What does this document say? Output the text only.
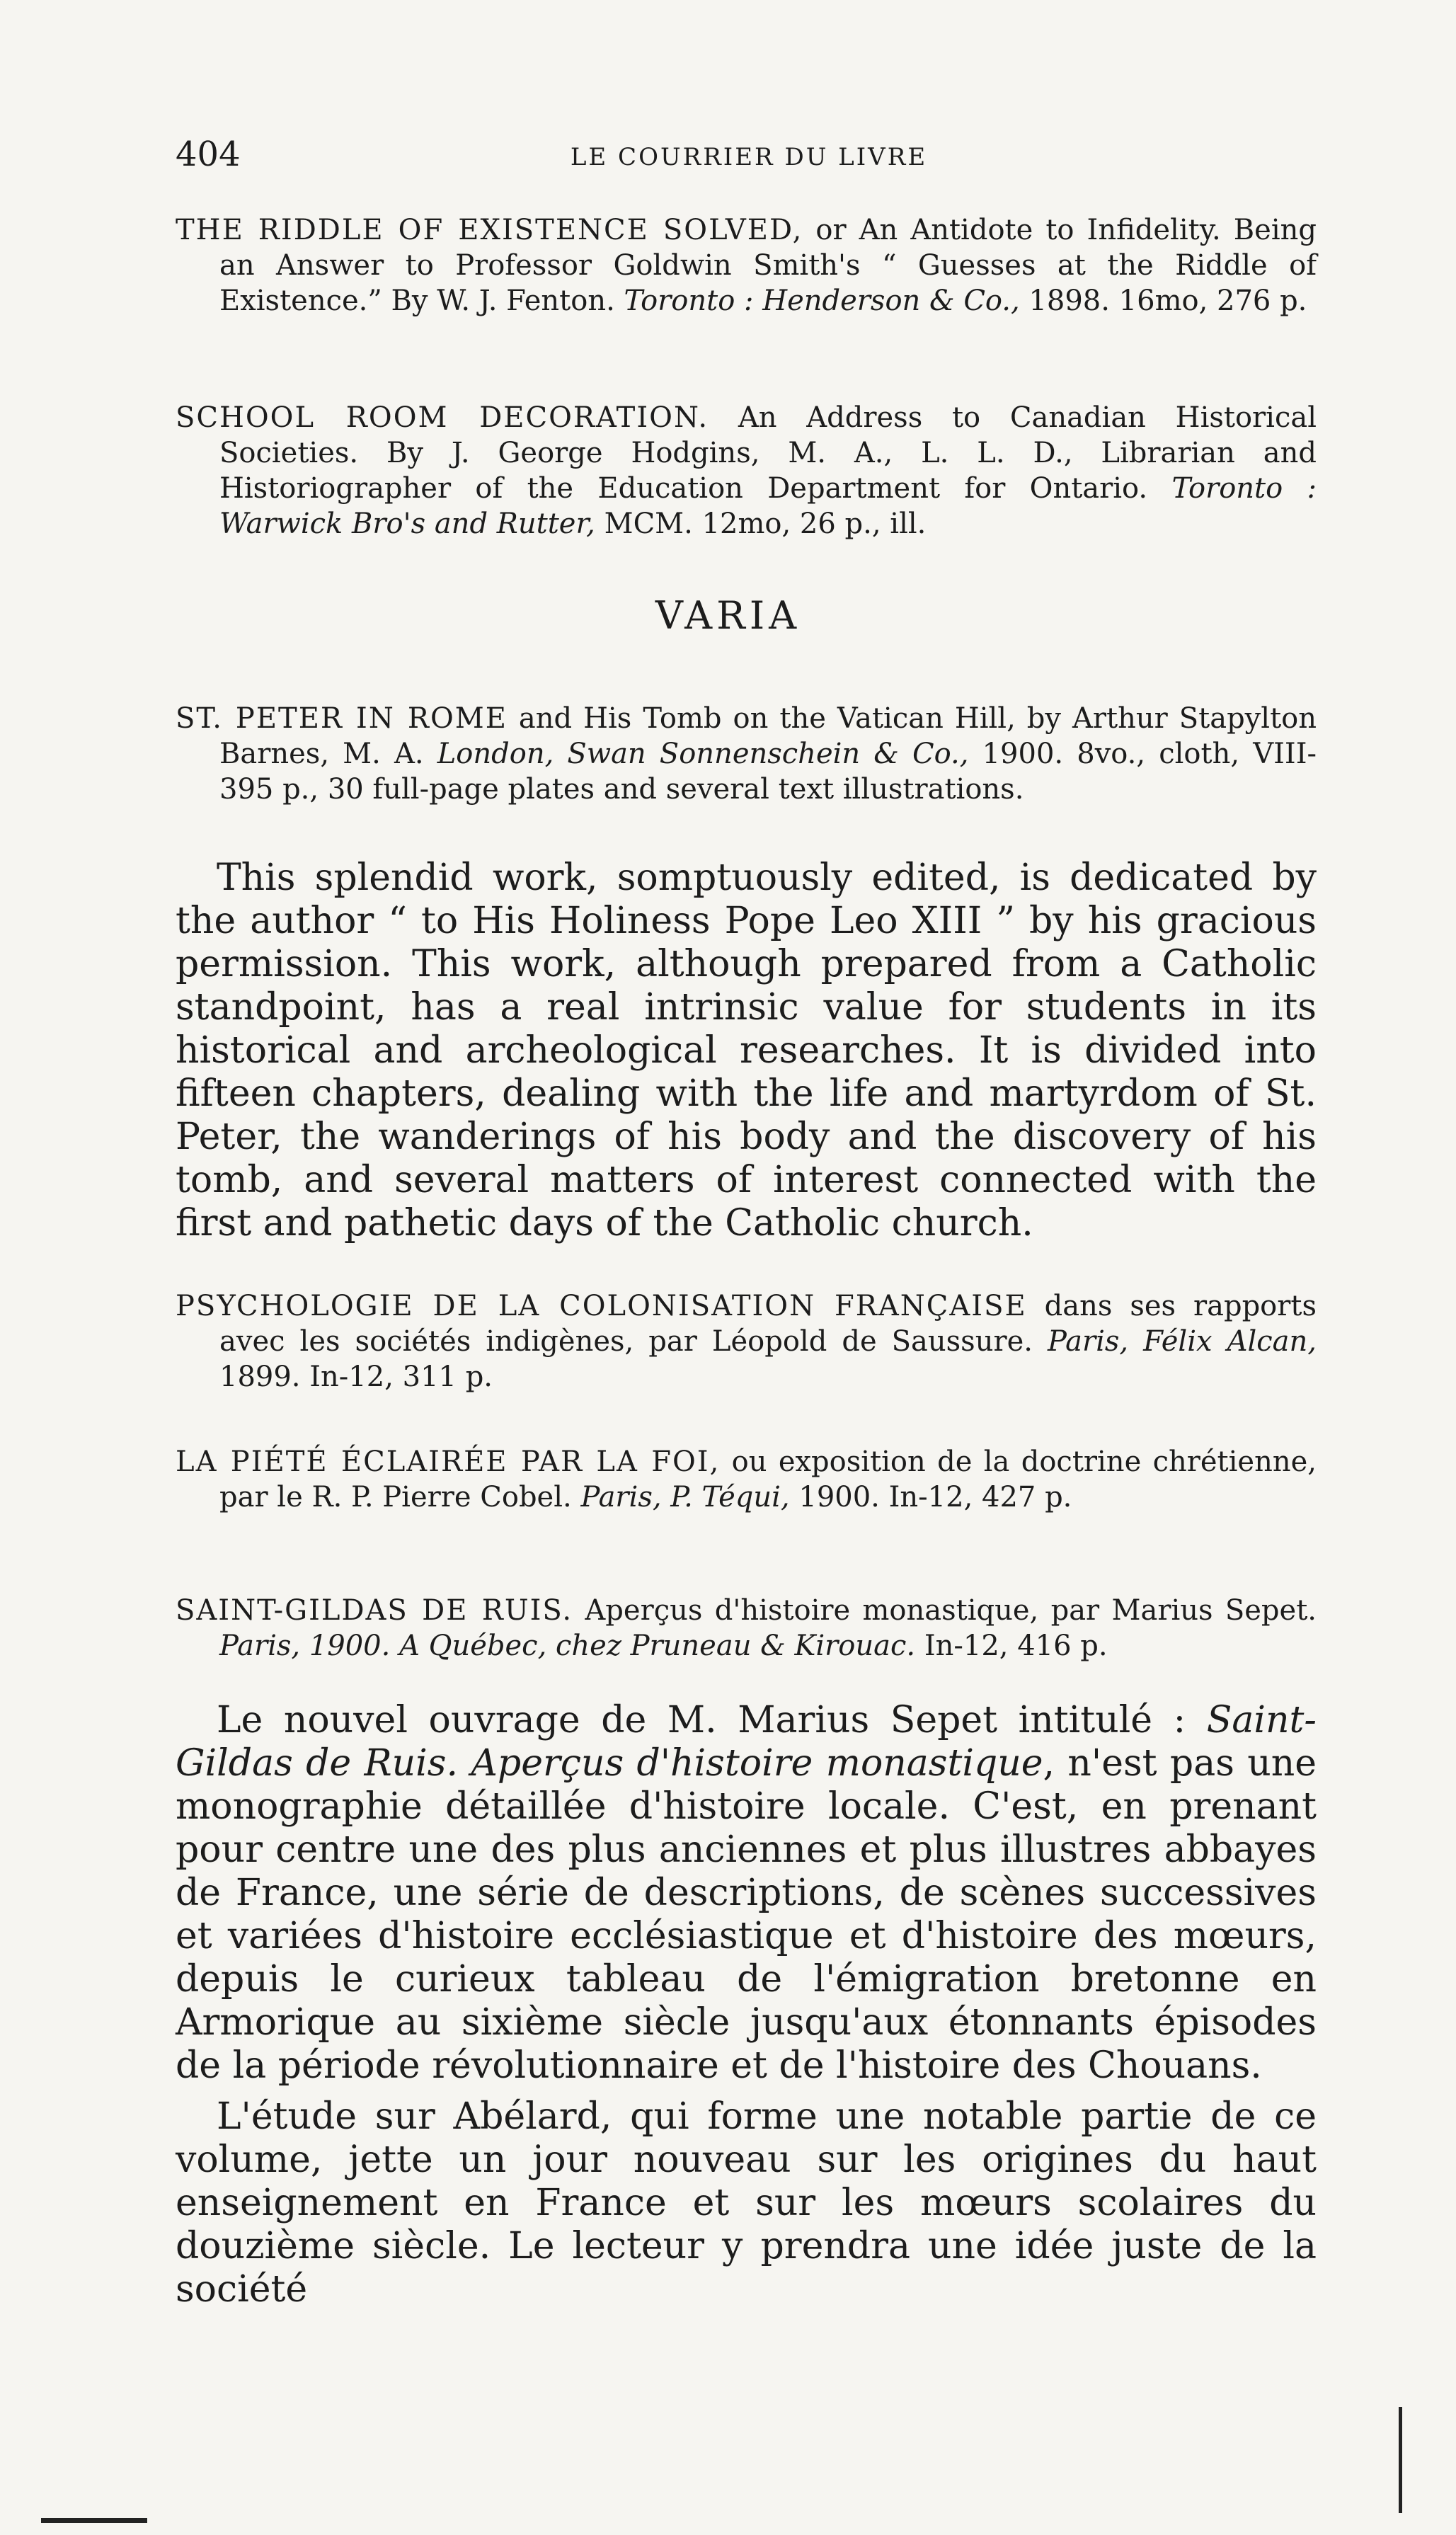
404	LE COURRIER DU LIVRE

THE RIDDLE OF EXISTENCE SOLVED, or An Antidote to Infidelity. Being an Answer to Professor Goldwin Smith's “ Guesses at the Riddle of Existence.” By W. J. Fenton. Toronto : Henderson & Co., 1898. 16mo, 276 p.

SCHOOL ROOM DECORATION. An Address to Canadian Historical Societies. By J. George Hodgins, M. A., L. L. D., Librarian and Historiographer of the Education Department for Ontario. Toronto : Warwick Bro's and Rutter, MCM. 12mo, 26 p., ill.

VARIA

ST. PETER IN ROME and His Tomb on the Vatican Hill, by Arthur Stapylton Barnes, M. A. London, Swan Sonnenschein & Co., 1900. 8vo., cloth, VIII-395 p., 30 full-page plates and several text illustrations.

This splendid work, somptuously edited, is dedicated by the author “ to His Holiness Pope Leo XIII ” by his gracious permission. This work, although prepared from a Catholic standpoint, has a real intrinsic value for students in its historical and archeological researches. It is divided into fifteen chapters, dealing with the life and martyrdom of St. Peter, the wanderings of his body and the discovery of his tomb, and several matters of interest connected with the first and pathetic days of the Catholic church.

PSYCHOLOGIE DE LA COLONISATION FRANÇAISE dans ses rapports avec les sociétés indigènes, par Léopold de Saussure. Paris, Félix Alcan, 1899. In-12, 311 p.

LA PIÉTÉ ÉCLAIRÉE PAR LA FOI, ou exposition de la doctrine chrétienne, par le R. P. Pierre Cobel. Paris, P. Téqui, 1900. In-12, 427 p.

SAINT-GILDAS DE RUIS. Aperçus d'histoire monastique, par Marius Sepet. Paris, 1900. A Québec, chez Pruneau & Kirouac. In-12, 416 p.

Le nouvel ouvrage de M. Marius Sepet intitulé : Saint-Gildas de Ruis. Aperçus d'histoire monastique, n'est pas une monographie détaillée d'histoire locale. C'est, en prenant pour centre une des plus anciennes et plus illustres abbayes de France, une série de descriptions, de scènes successives et variées d'histoire ecclésiastique et d'histoire des mœurs, depuis le curieux tableau de l'émigration bretonne en Armorique au sixième siècle jusqu'aux étonnants épisodes de la période révolutionnaire et de l'histoire des Chouans.

L'étude sur Abélard, qui forme une notable partie de ce volume, jette un jour nouveau sur les origines du haut enseignement en France et sur les mœurs scolaires du douzième siècle. Le lecteur y prendra une idée juste de la société
